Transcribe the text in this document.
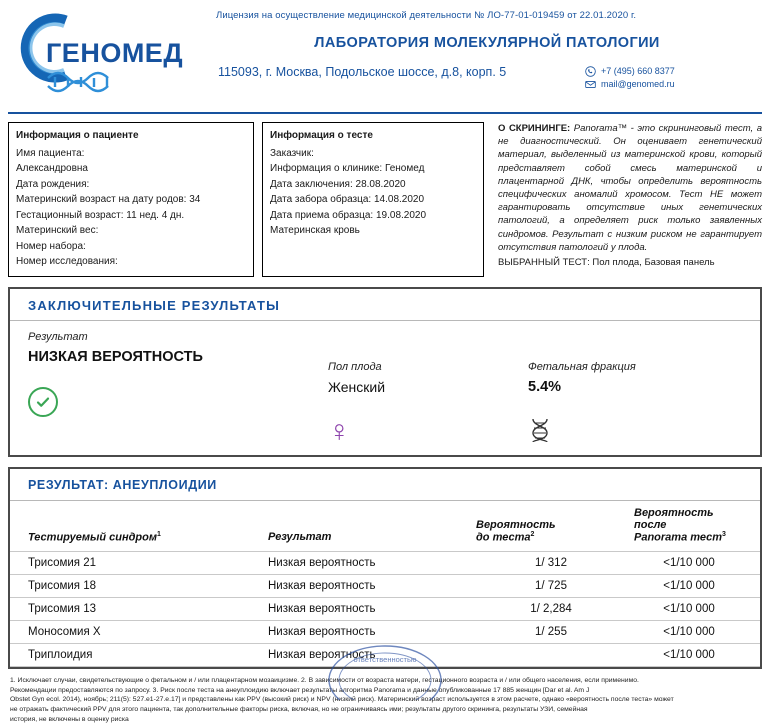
ГЕНОМЕД
Лицензия на осуществление медицинской деятельности № ЛО-77-01-019459 от 22.01.2020 г.
ЛАБОРАТОРИЯ МОЛЕКУЛЯРНОЙ ПАТОЛОГИИ
115093, г. Москва, Подольское шоссе, д.8, корп. 5	+7 (495) 660 8377
mail@genomed.ru
Информация о пациенте
Имя пациента:
Александровна
Дата рождения:
Материнский возраст на дату родов: 34
Гестационный возраст: 11 нед. 4 дн.
Материнский вес:
Номер набора:
Номер исследования:
Информация о тесте
Заказчик:
Информация о клинике: Геномед
Дата заключения: 28.08.2020
Дата забора образца: 14.08.2020
Дата приема образца: 19.08.2020
Материнская кровь
О СКРИНИНГЕ: Panorama™ - это скрининговый тест, а не диагностический. Он оценивает генетический материал, выделенный из материнской крови, который представляет собой смесь материнской и плацентарной ДНК, чтобы определить вероятность специфических аномалий хромосом. Тест НЕ может гарантировать отсутствие иных генетических патологий, а определяет риск только заявленных синдромов. Результат с низким риском не гарантирует отсутствия патологий у плода.
ВЫБРАННЫЙ ТЕСТ: Пол плода, Базовая панель
ЗАКЛЮЧИТЕЛЬНЫЕ РЕЗУЛЬТАТЫ
Результат
НИЗКАЯ ВЕРОЯТНОСТЬ
Пол плода
Женский
♀
Фетальная фракция
5.4%
РЕЗУЛЬТАТ: АНЕУПЛОИДИИ
Тестируемый синдром$^1$	Результат	
Вероятность
до теста$^2$

Вероятность после
Panorama тест$^3$

Трисомия 21	Низкая вероятность	1/ 312	<1/10 000
Трисомия 18	Низкая вероятность	1/ 725	<1/10 000
Трисомия 13	Низкая вероятность	1/ 2,284	<1/10 000
Моносомия X	Низкая вероятность	1/ 255	<1/10 000
Триплоидия	Низкая вероятность		<1/10 000
1. Исключает случаи, свидетельствующие о фетальном и / или плацентарном мозаицизме. 2. В зависимости от возраста матери, гестационного возраста и / или общего населения, если применимо.
Рекомендации предоставляются по запросу. 3. Риск после теста на анеуплоидию включает результаты алгоритма Panorama и данные опубликованные 17 885 женщин [Dar et al. Am J
Obstet Gyn ecol. 2014), ноябрь; 211(5): 527.e1-27.e.17] и представлены как PPV (высокий риск) и NPV (низкий риск). Материнский возраст используется в этом расчете, однако «вероятность после теста» может
не отражать фактический PPV для этого пациента, так дополнительные факторы риска, включая, но не ограничиваясь ими; результаты другого скрининга, результаты УЗИ, семейная
история, не включены в оценку риска
ответственностью
